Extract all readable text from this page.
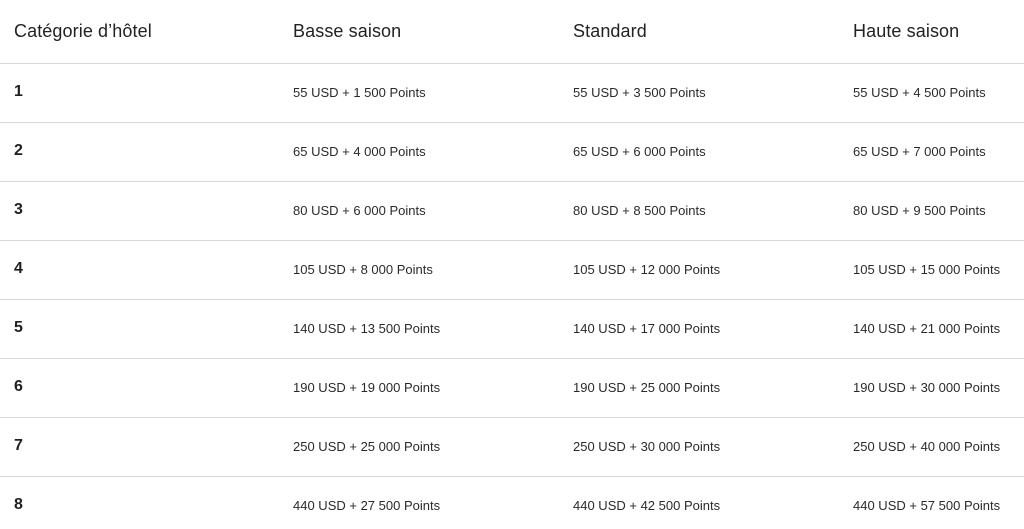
Catégorie d’hôtel	Basse saison	Standard	Haute saison
1	55 USD + 1 500 Points	55 USD + 3 500 Points	55 USD + 4 500 Points
2	65 USD + 4 000 Points	65 USD + 6 000 Points	65 USD + 7 000 Points
3	80 USD + 6 000 Points	80 USD + 8 500 Points	80 USD + 9 500 Points
4	105 USD + 8 000 Points	105 USD + 12 000 Points	105 USD + 15 000 Points
5	140 USD + 13 500 Points	140 USD + 17 000 Points	140 USD + 21 000 Points
6	190 USD + 19 000 Points	190 USD + 25 000 Points	190 USD + 30 000 Points
7	250 USD + 25 000 Points	250 USD + 30 000 Points	250 USD + 40 000 Points
8	440 USD + 27 500 Points	440 USD + 42 500 Points	440 USD + 57 500 Points
